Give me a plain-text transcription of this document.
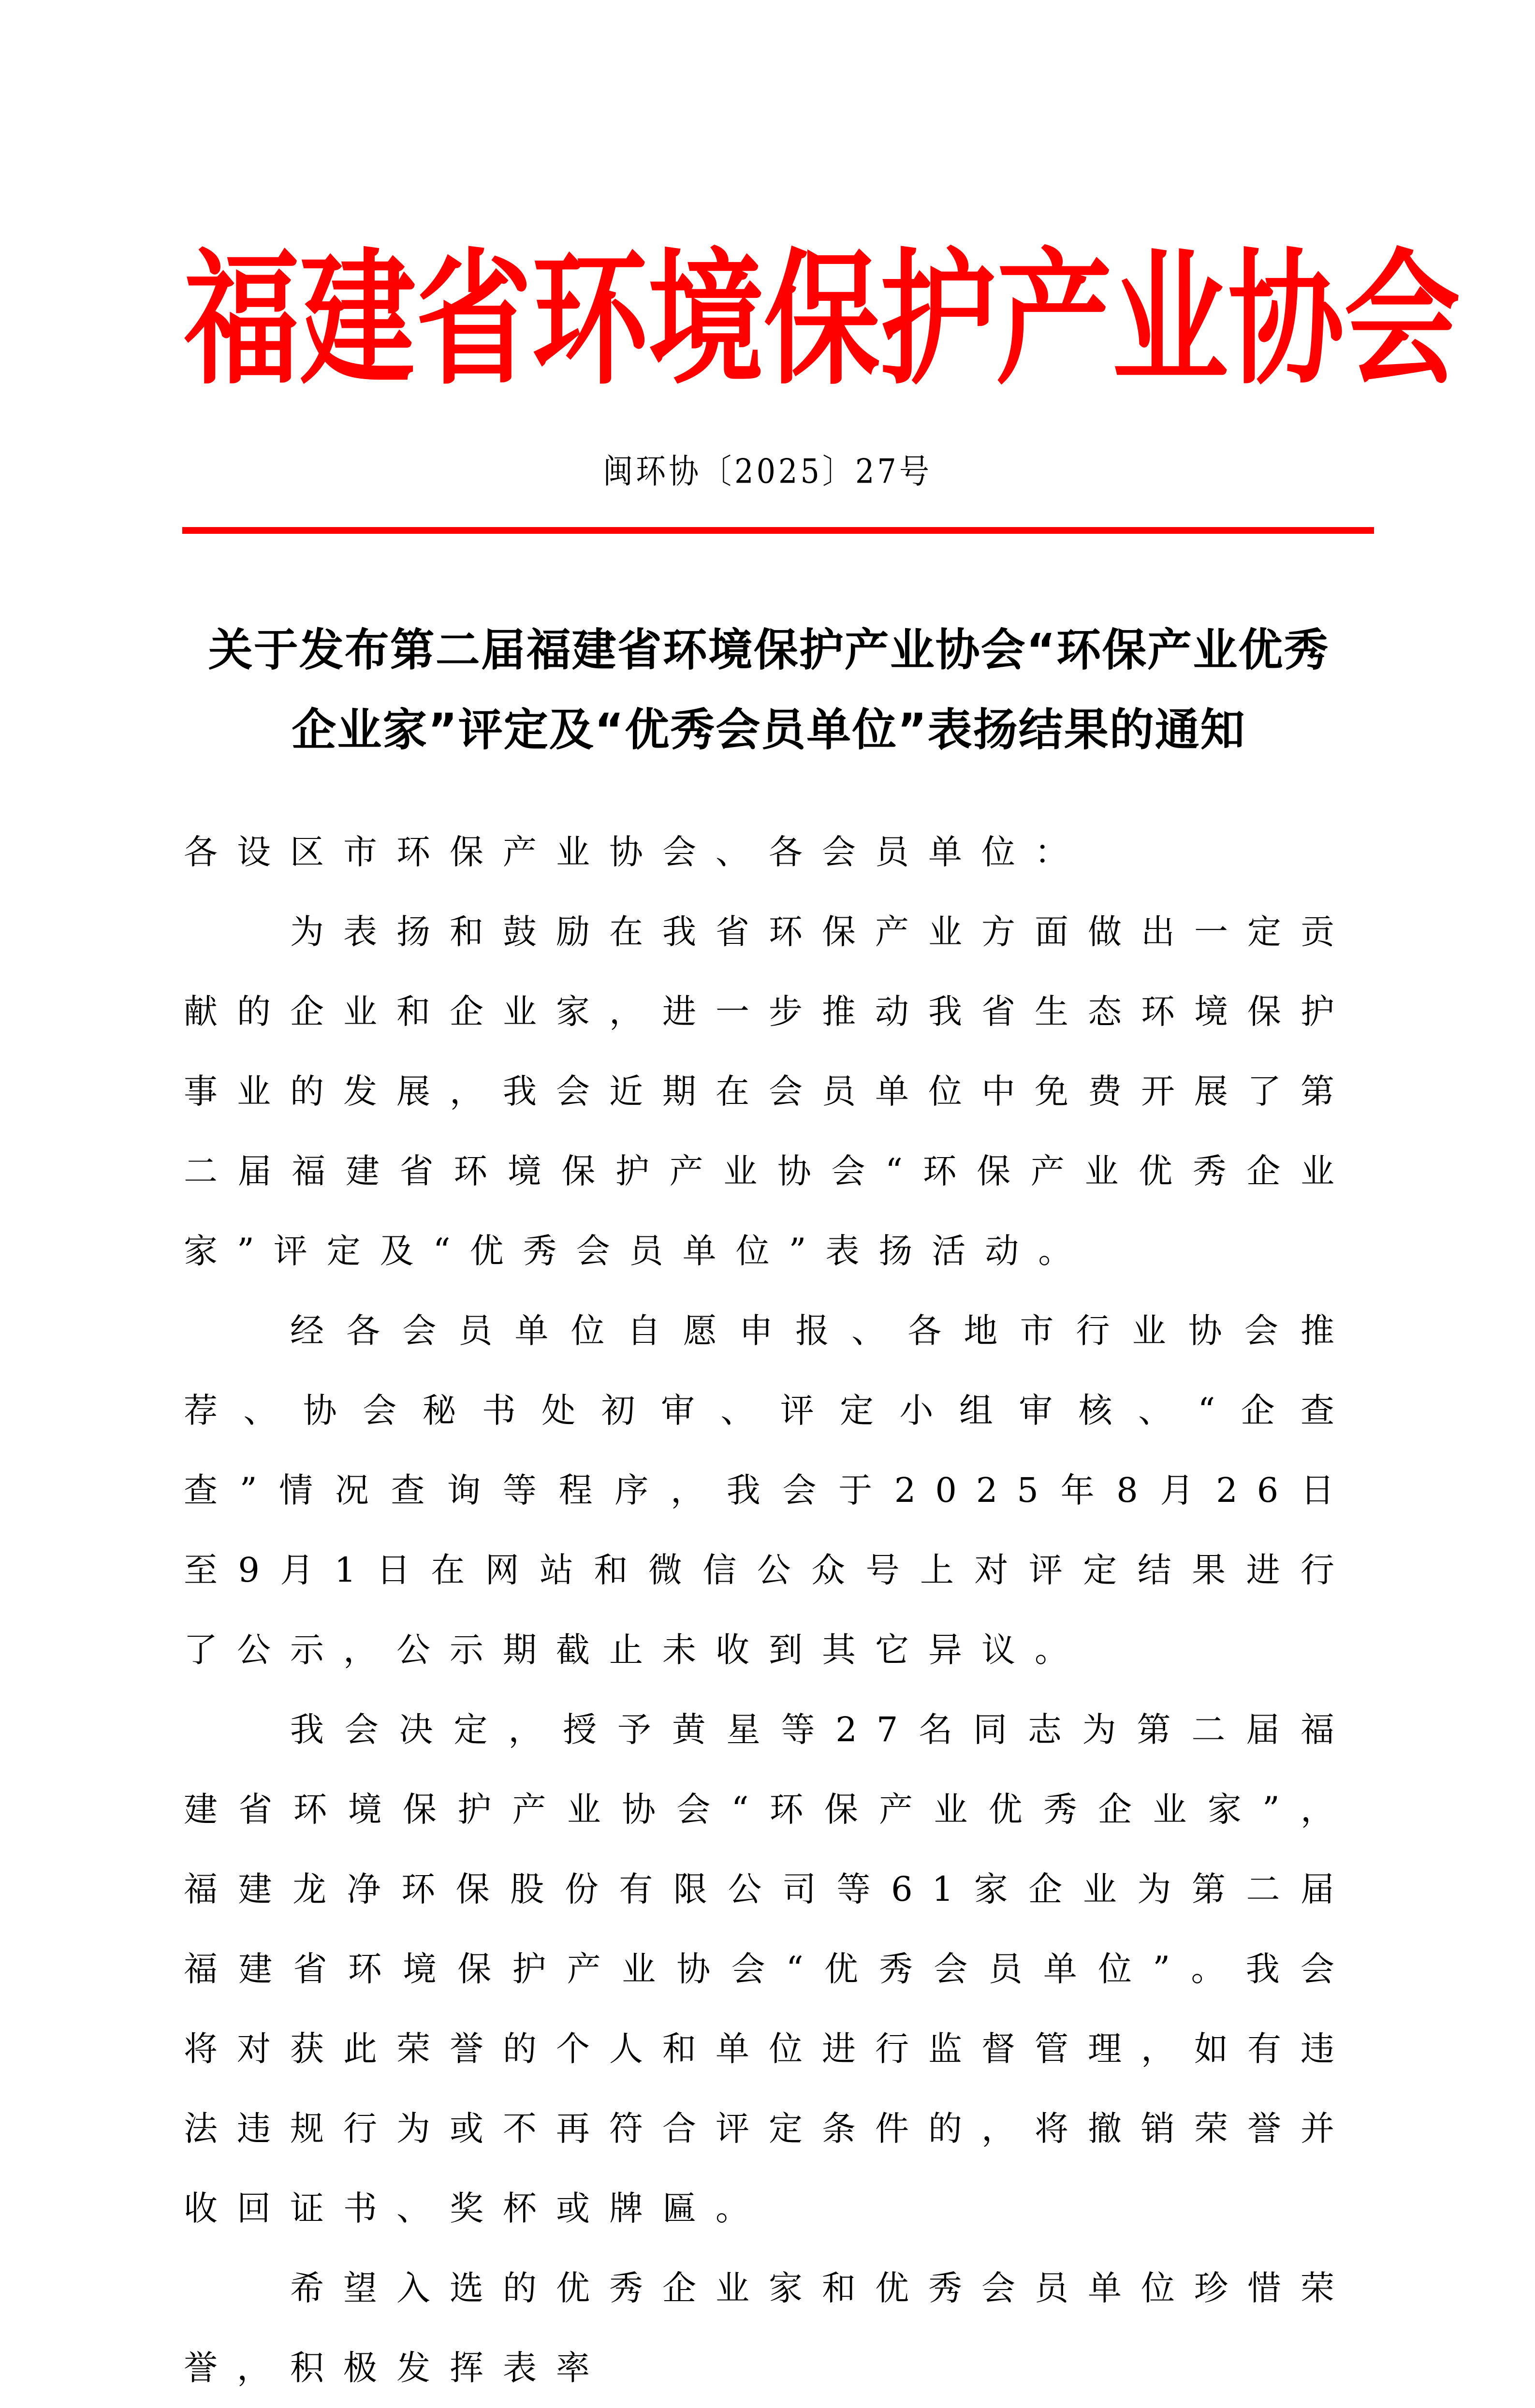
福 建 省 环 境 保 护 产 业 协 会
闽环协〔2025〕27号
关于发布第二届福建省环境保护产业协会“环保产业优秀
企业家”评定及“优秀会员单位”表扬结果的通知

各设区市环保产业协会、各会员单位：

为表扬和鼓励在我省环保产业方面做出一定贡献的企业和企业家，进一步推动我省生态环境保护事业的发展，我会近期在会员单位中免费开展了第二届福建省环境保护产业协会“环保产业优秀企业家”评定及“优秀会员单位”表扬活动。

经各会员单位自愿申报、各地市行业协会推荐、协会秘书处初审、评定小组审核、“企查查”情况查询等程序，我会于2025年8月26日至9月1日在网站和微信公众号上对评定结果进行了公示，公示期截止未收到其它异议。

我会决定，授予黄星等27名同志为第二届福建省环境保护产业协会“环保产业优秀企业家”，福建龙净环保股份有限公司等61家企业为第二届福建省环境保护产业协会“优秀会员单位”。我会将对获此荣誉的个人和单位进行监督管理，如有违法违规行为或不再符合评定条件的，将撤销荣誉并收回证书、奖杯或牌匾。

希望入选的优秀企业家和优秀会员单位珍惜荣誉，积极发挥表率
